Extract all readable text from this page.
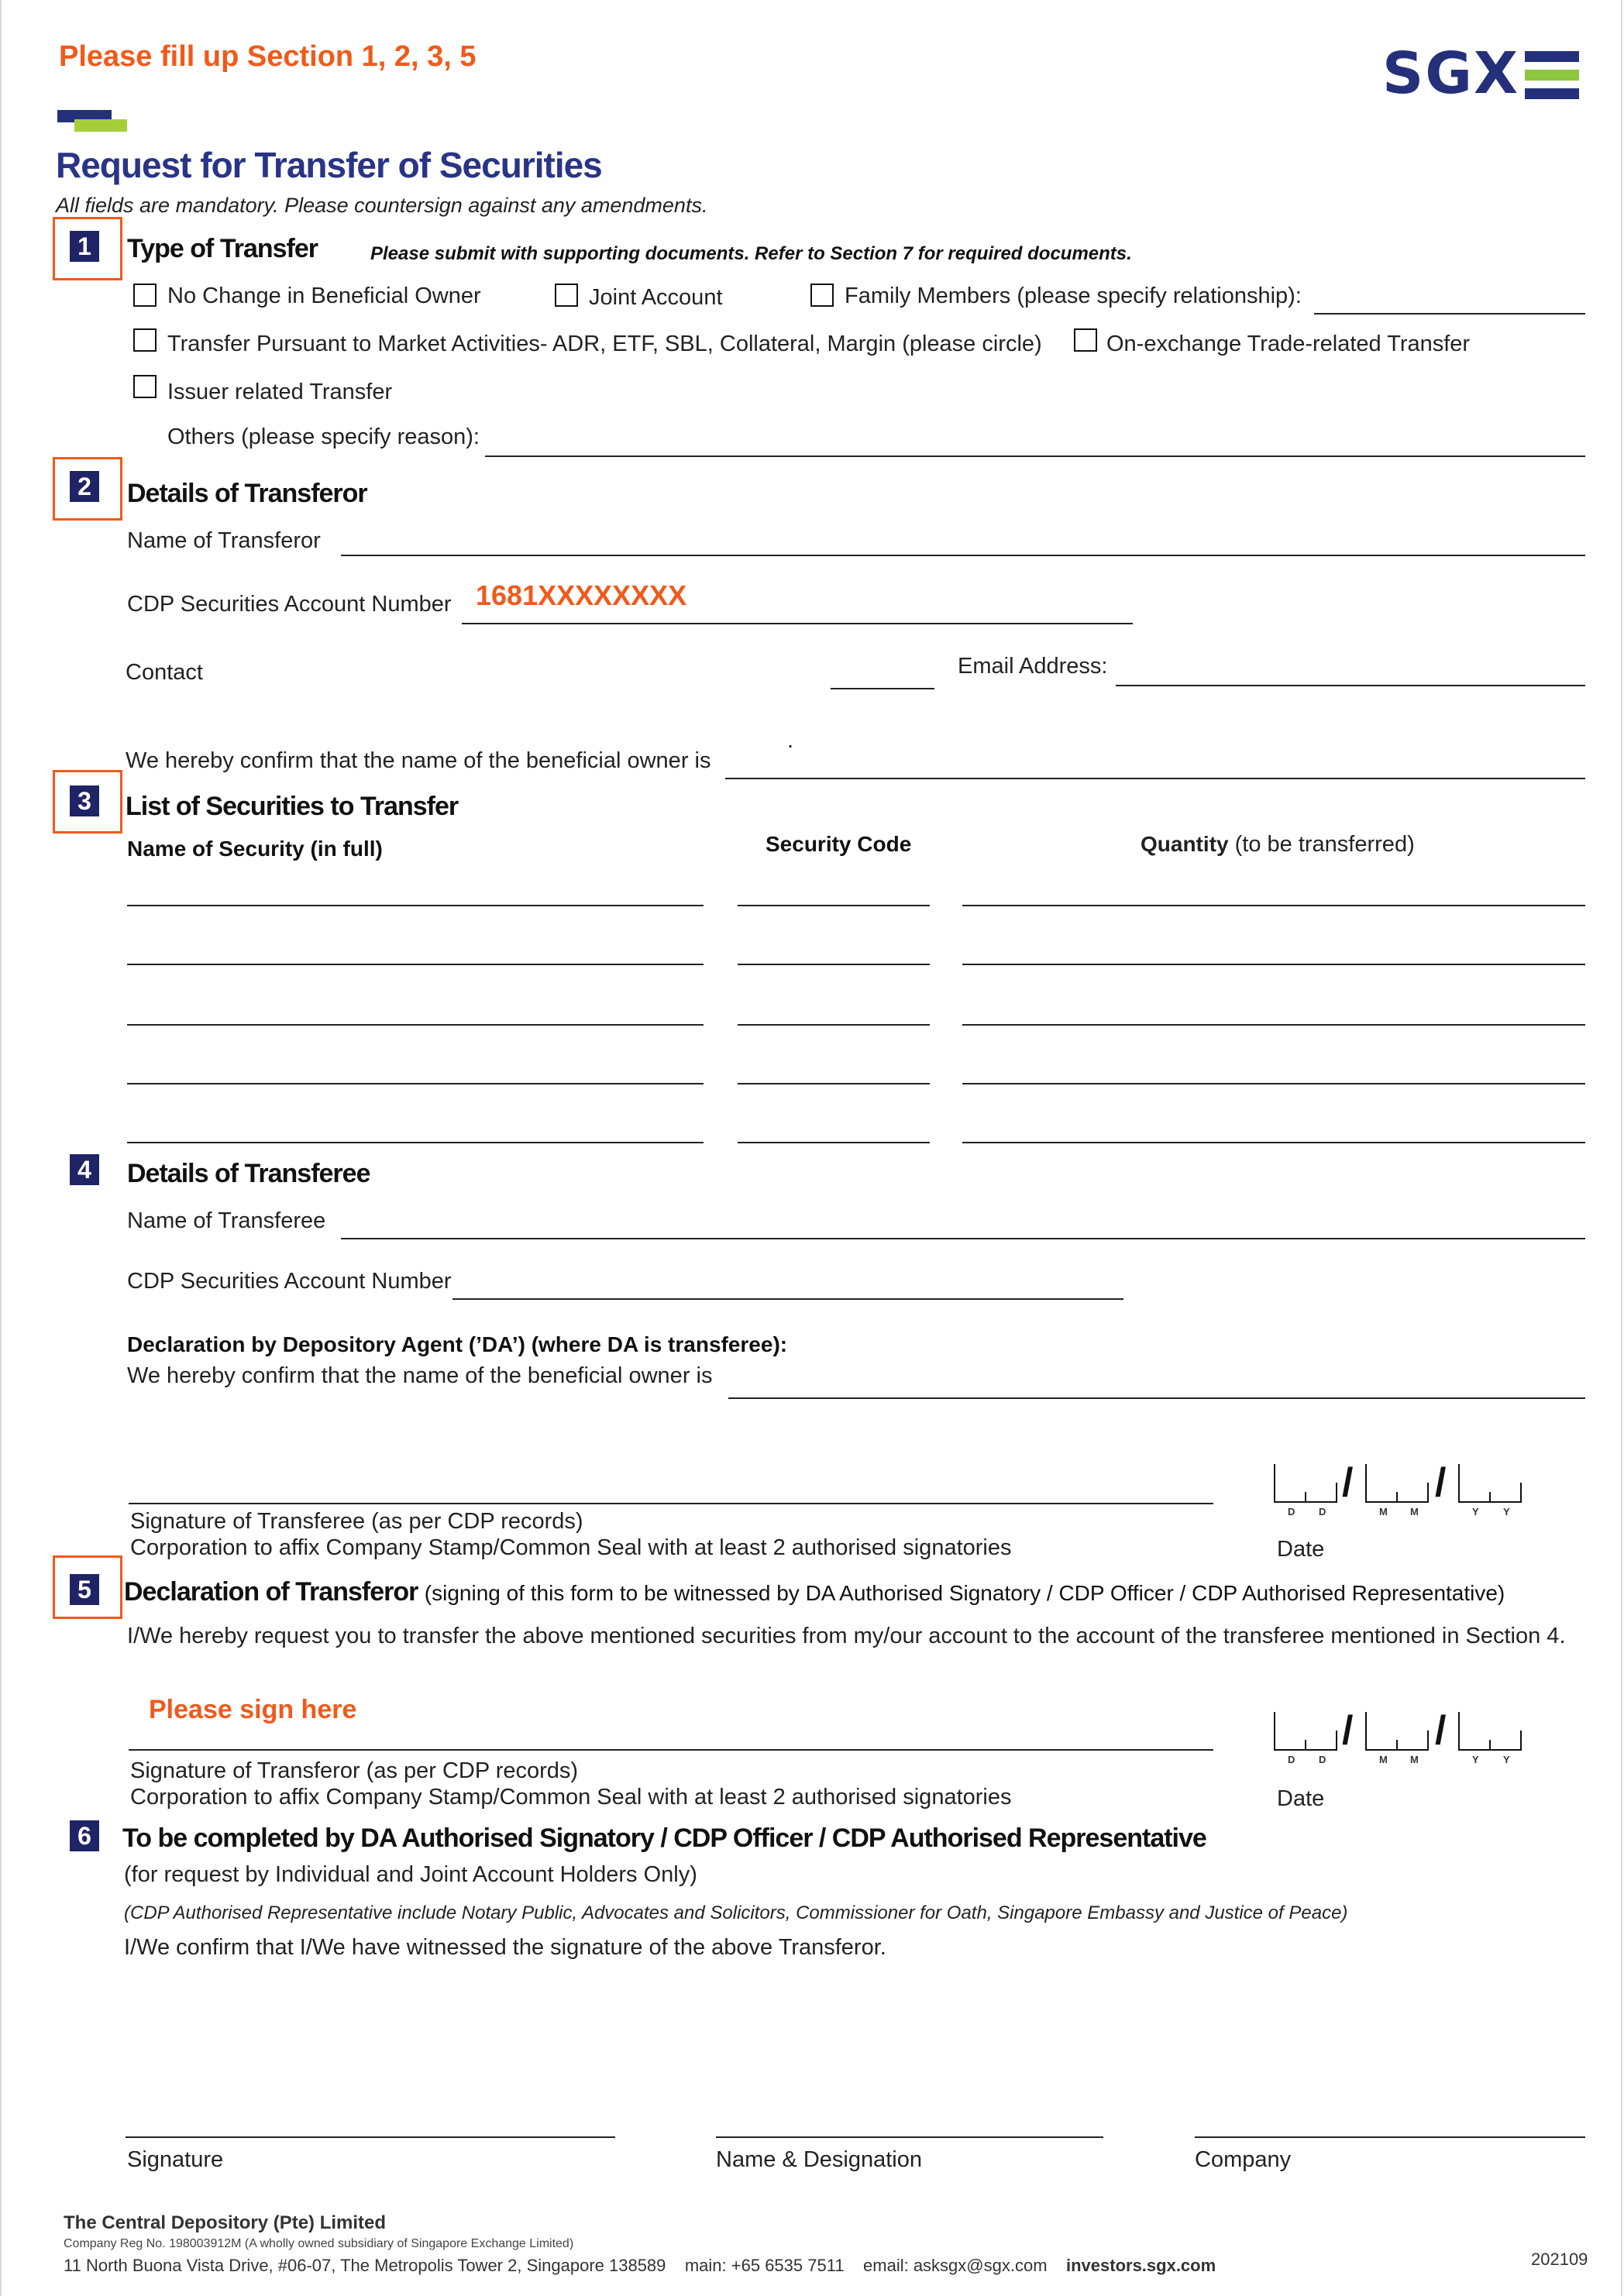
Please fill up Section 1, 2, 3, 5	SGX
Request for Transfer of Securities
All fields are mandatory. Please countersign against any amendments.
1 Type of Transfer	Please submit with supporting documents. Refer to Section 7 for required documents.
No Change in Beneficial Owner	Joint Account	Family Members (please specify relationship):
Transfer Pursuant to Market Activities- ADR, ETF, SBL, Collateral, Margin (please circle)	On-exchange Trade-related Transfer
Issuer related Transfer
Others (please specify reason):
2 Details of Transferor
Name of Transferor
CDP Securities Account Number 1681XXXXXXXX
Contact	Email Address:
We hereby confirm that the name of the beneficial owner is
.
3 List of Securities to Transfer
Name of Security (in full)	Security Code	Quantity (to be transferred)
4 Details of Transferee
Name of Transferee
CDP Securities Account Number
Declaration by Depository Agent (’DA’) (where DA is transferee):
We hereby confirm that the name of the beneficial owner is
Signature of Transferee (as per CDP records)
Corporation to affix Company Stamp/Common Seal with at least 2 authorised signatories
/ /
D D	M M	Y Y
Date
5 Declaration of Transferor (signing of this form to be witnessed by DA Authorised Signatory / CDP Officer / CDP Authorised Representative)
I/We hereby request you to transfer the above mentioned securities from my/our account to the account of the transferee mentioned in Section 4.
Please sign here
Signature of Transferor (as per CDP records)
Corporation to affix Company Stamp/Common Seal with at least 2 authorised signatories
/ /
D D	M M	Y Y
Date
6 To be completed by DA Authorised Signatory / CDP Officer / CDP Authorised Representative
(for request by Individual and Joint Account Holders Only)
(CDP Authorised Representative include Notary Public, Advocates and Solicitors, Commissioner for Oath, Singapore Embassy and Justice of Peace)
I/We confirm that I/We have witnessed the signature of the above Transferor.
Signature	Name & Designation	Company
The Central Depository (Pte) Limited
Company Reg No. 198003912M (A wholly owned subsidiary of Singapore Exchange Limited)
11 North Buona Vista Drive, #06-07, The Metropolis Tower 2, Singapore 138589 main: +65 6535 7511 email: asksgx@sgx.com investors.sgx.com	202109
